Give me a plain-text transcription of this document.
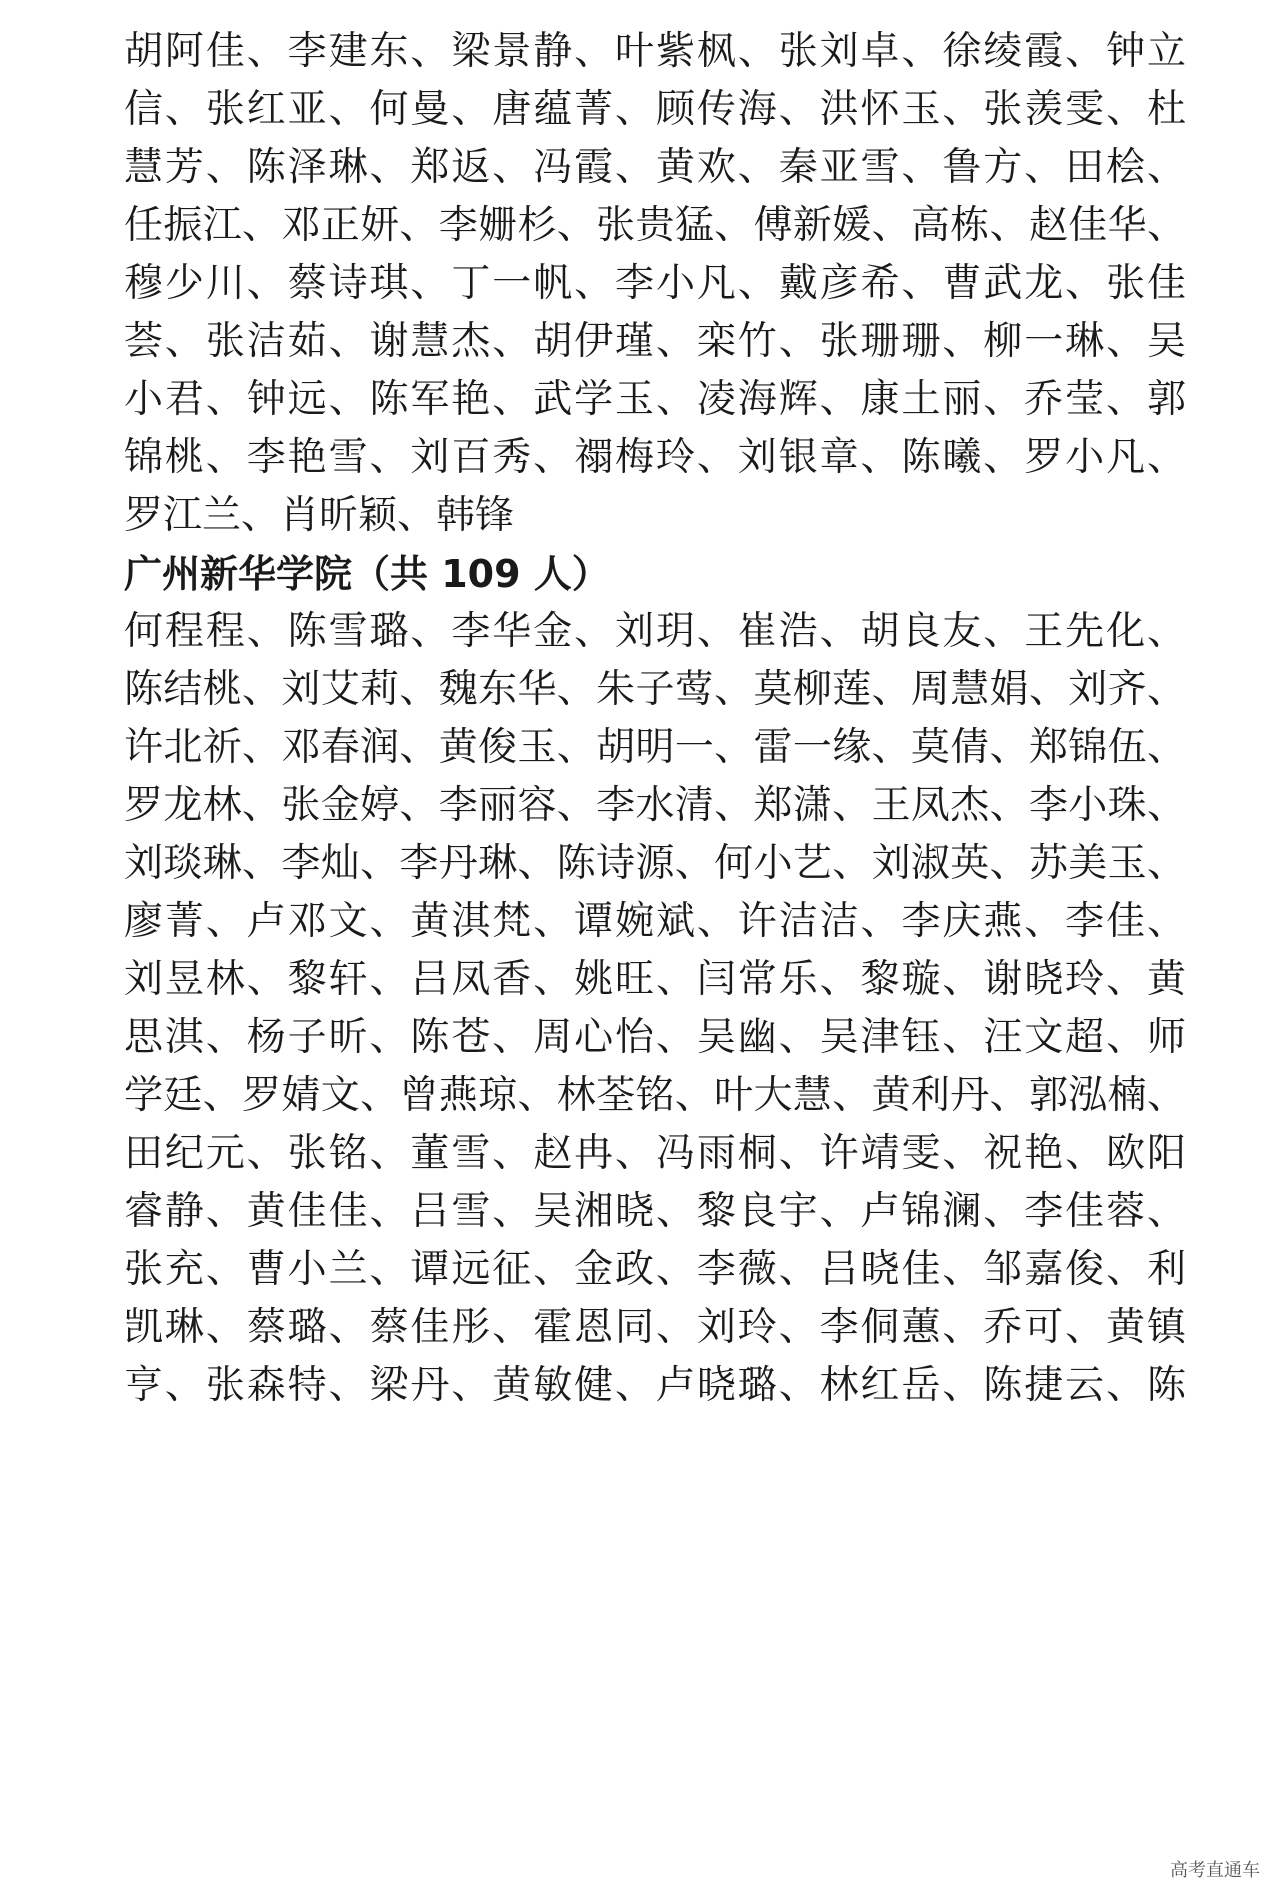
胡阿佳、李建东、梁景静、叶紫枫、张刘卓、徐绫霞、钟立
信、张红亚、何曼、唐蕴菁、顾传海、洪怀玉、张羡雯、杜
慧芳、陈泽琳、郑返、冯霞、黄欢、秦亚雪、鲁方、田桧、
任振江、邓正妍、李姗杉、张贵猛、傅新媛、高栋、赵佳华、
穆少川、蔡诗琪、丁一帆、李小凡、戴彦希、曹武龙、张佳
荟、张洁茹、谢慧杰、胡伊瑾、栾竹、张珊珊、柳一琳、吴
小君、钟远、陈军艳、武学玉、凌海辉、康土丽、乔莹、郭
锦桃、李艳雪、刘百秀、禤梅玲、刘银章、陈曦、罗小凡、
罗江兰、肖昕颖、韩锋
广州新华学院（共 109 人）
何程程、陈雪璐、李华金、刘玥、崔浩、胡良友、王先化、
陈结桃、刘艾莉、魏东华、朱子莺、莫柳莲、周慧娟、刘齐、
许北祈、邓春润、黄俊玉、胡明一、雷一缘、莫倩、郑锦伍、
罗龙林、张金婷、李丽容、李水清、郑潇、王凤杰、李小珠、
刘琰琳、李灿、李丹琳、陈诗源、何小艺、刘淑英、苏美玉、
廖菁、卢邓文、黄淇梵、谭婉斌、许洁洁、李庆燕、李佳、
刘昱林、黎轩、吕凤香、姚旺、闫常乐、黎璇、谢晓玲、黄
思淇、杨子昕、陈苍、周心怡、吴幽、吴津钰、汪文超、师
学廷、罗婧文、曾燕琼、林荃铭、叶大慧、黄利丹、郭泓楠、
田纪元、张铭、董雪、赵冉、冯雨桐、许靖雯、祝艳、欧阳
睿静、黄佳佳、吕雪、吴湘晓、黎良宇、卢锦澜、李佳蓉、
张充、曹小兰、谭远征、金政、李薇、吕晓佳、邹嘉俊、利
凯琳、蔡璐、蔡佳彤、霍恩同、刘玲、李侗蕙、乔可、黄镇
亨、张森特、梁丹、黄敏健、卢晓璐、林红岳、陈捷云、陈
高考直通车
